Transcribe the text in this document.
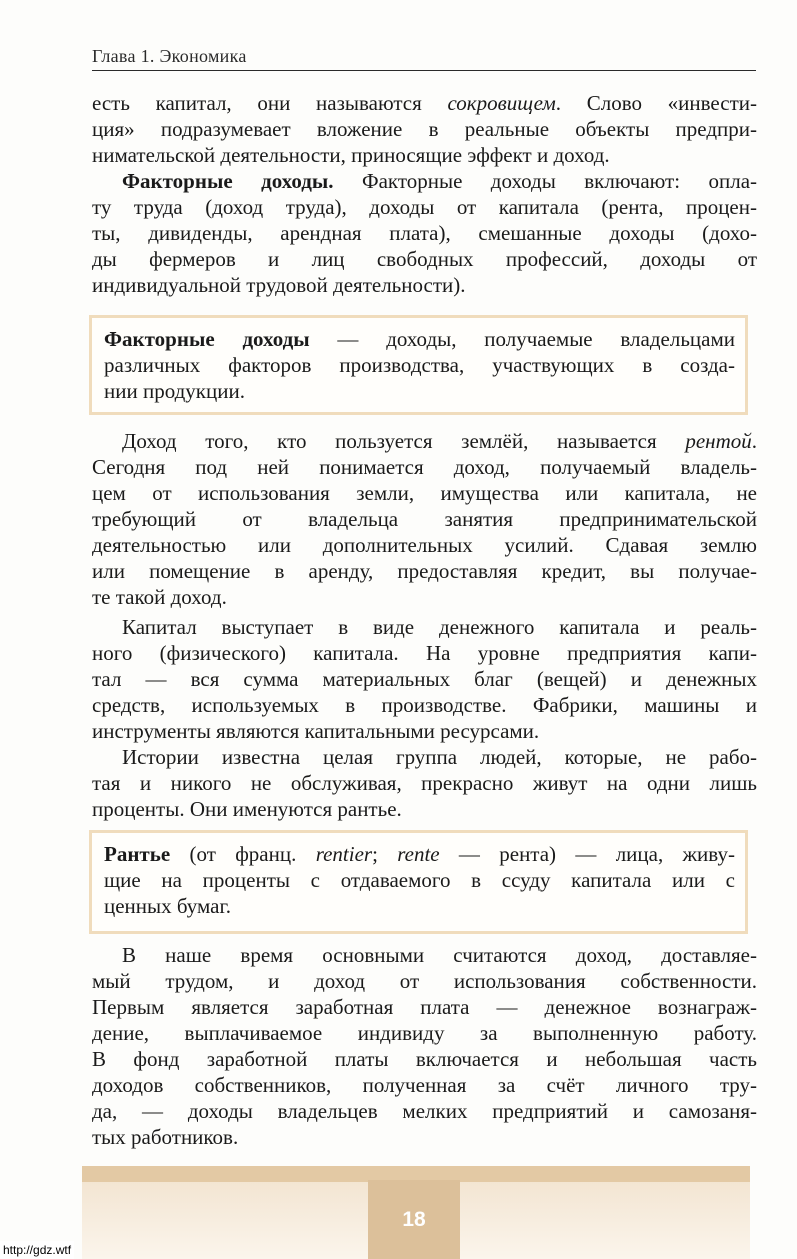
Глава 1. Экономика
есть капитал, они называются сокровищем. Слово «инвести-
ция» подразумевает вложение в реальные объекты предпри-
нимательской деятельности, приносящие эффект и доход.
Факторные доходы. Факторные доходы включают: опла-
ту труда (доход труда), доходы от капитала (рента, процен-
ты, дивиденды, арендная плата), смешанные доходы (дохо-
ды фермеров и лиц свободных профессий, доходы от
индивидуальной трудовой деятельности).
Факторные доходы — доходы, получаемые владельцами
различных факторов производства, участвующих в созда-
нии продукции.
Доход того, кто пользуется землёй, называется рентой.
Сегодня под ней понимается доход, получаемый владель-
цем от использования земли, имущества или капитала, не
требующий от владельца занятия предпринимательской
деятельностью или дополнительных усилий. Сдавая землю
или помещение в аренду, предоставляя кредит, вы получае-
те такой доход.
Капитал выступает в виде денежного капитала и реаль-
ного (физического) капитала. На уровне предприятия капи-
тал — вся сумма материальных благ (вещей) и денежных
средств, используемых в производстве. Фабрики, машины и
инструменты являются капитальными ресурсами.
Истории известна целая группа людей, которые, не рабо-
тая и никого не обслуживая, прекрасно живут на одни лишь
проценты. Они именуются рантье.
Рантье (от франц. rentier; rente — рента) — лица, живу-
щие на проценты с отдаваемого в ссуду капитала или с
ценных бумаг.
В наше время основными считаются доход, доставляе-
мый трудом, и доход от использования собственности.
Первым является заработная плата — денежное вознаграж-
дение, выплачиваемое индивиду за выполненную работу.
В фонд заработной платы включается и небольшая часть
доходов собственников, полученная за счёт личного тру-
да, — доходы владельцев мелких предприятий и самозаня-
тых работников.
18
http://gdz.wtf
